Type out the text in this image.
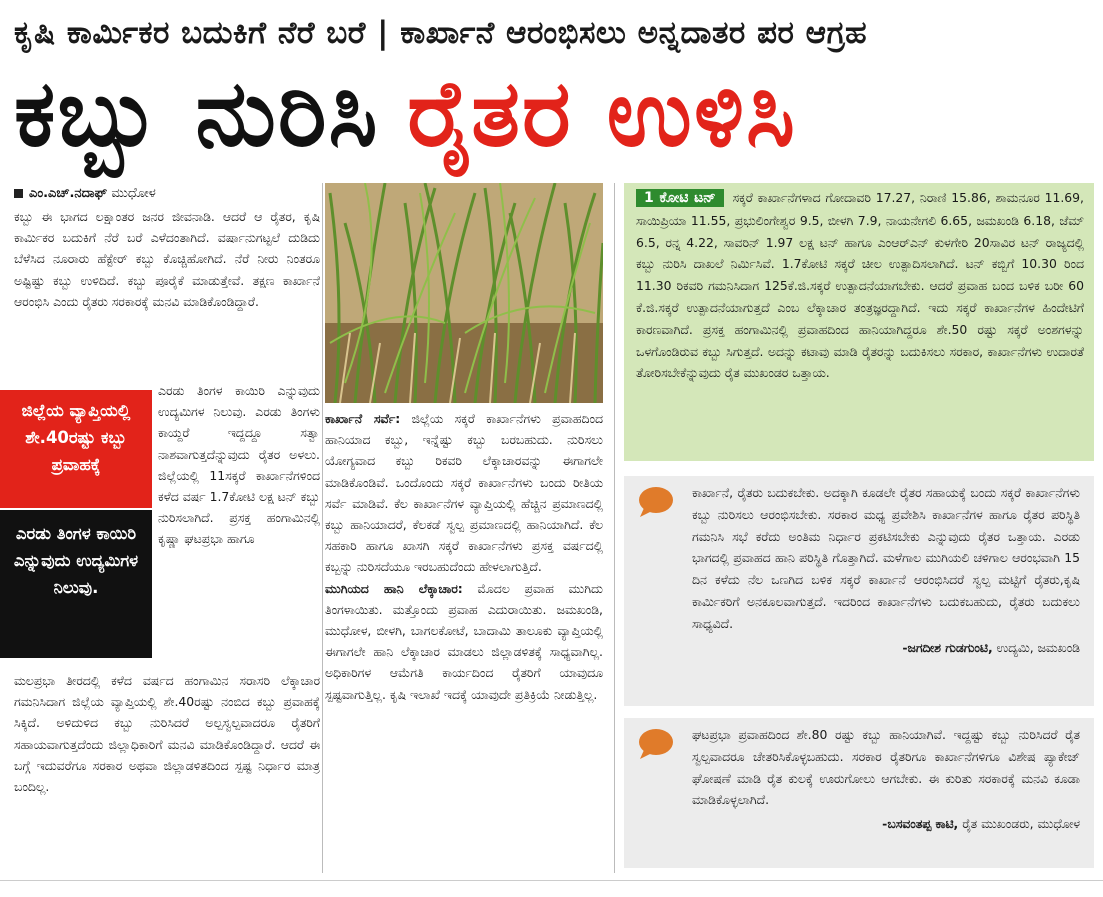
ಕೃಷಿ ಕಾರ್ಮಿಕರ ಬದುಕಿಗೆ ನೆರೆ ಬರೆ | ಕಾರ್ಖಾನೆ ಆರಂಭಿಸಲು ಅನ್ನದಾತರ ಪರ ಆಗ್ರಹ
ಕಬ್ಬು ನುರಿಸಿ ರೈತರ ಉಳಿಸಿ
ಎಂ.ಎಚ್.ನದಾಫ್ ಮುಧೋಳ
ಕಬ್ಬು ಈ ಭಾಗದ ಲಕ್ಷಾಂತರ ಜನರ ಜೀವನಾಡಿ. ಆದರೆ ಆ ರೈತರ, ಕೃಷಿ ಕಾರ್ಮಿಕರ ಬದುಕಿಗೆ ನೆರೆ ಬರೆ ಎಳೆದಂತಾಗಿದೆ. ವರ್ಷಾನುಗಟ್ಟಲೆ ದುಡಿದು ಬೆಳೆಸಿದ ನೂರಾರು ಹೆಕ್ಟೇರ್ ಕಬ್ಬು ಕೊಚ್ಚಿಹೋಗಿದೆ. ನೆರೆ ನೀರು ನಿಂತರೂ ಅಷ್ಟಿಷ್ಟು ಕಬ್ಬು ಉಳಿದಿದೆ. ಕಬ್ಬು ಪೂರೈಕೆ ಮಾಡುತ್ತೇವೆ. ತಕ್ಷಣ ಕಾರ್ಖಾನೆ ಆರಂಭಿಸಿ ಎಂದು ರೈತರು ಸರಕಾರಕ್ಕೆ ಮನವಿ ಮಾಡಿಕೊಂಡಿದ್ದಾರೆ.
ಜಿಲ್ಲೆಯ ವ್ಯಾಪ್ತಿಯಲ್ಲಿ ಶೇ.40ರಷ್ಟು ಕಬ್ಬು ಪ್ರವಾಹಕ್ಕೆ
ಎರಡು ತಿಂಗಳ ಕಾಯಿರಿ ಎನ್ನುವುದು ಉದ್ಯಮಿಗಳ ನಿಲುವು.
ಎರಡು ತಿಂಗಳ ಕಾಯಿರಿ ಎನ್ನುವುದು ಉದ್ಯಮಿಗಳ ನಿಲುವು. ಎರಡು ತಿಂಗಳು ಕಾಯ್ದರೆ ಇದ್ದದ್ದೂ ಸತ್ವಾ ನಾಶವಾಗುತ್ತದೆನ್ನುವುದು ರೈತರ ಅಳಲು. ಜಿಲ್ಲೆಯಲ್ಲಿ 11ಸಕ್ಕರೆ ಕಾರ್ಖಾನೆಗಳಿಂದ ಕಳೆದ ವರ್ಷ 1.7ಕೋಟಿ ಲಕ್ಷ ಟನ್ ಕಬ್ಬು ನುರಿಸಲಾಗಿದೆ. ಪ್ರಸಕ್ತ ಹಂಗಾಮಿನಲ್ಲಿ ಕೃಷ್ಣಾ ಘಟಪ್ರಭಾ ಹಾಗೂ
ಮಲಪ್ರಭಾ ತೀರದಲ್ಲಿ ಕಳೆದ ವರ್ಷದ ಹಂಗಾಮಿನ ಸರಾಸರಿ ಲೆಕ್ಕಾಚಾರ ಗಮನಿಸಿದಾಗ ಜಿಲ್ಲೆಯ ವ್ಯಾಪ್ತಿಯಲ್ಲಿ ಶೇ.40ರಷ್ಟು ನಂಬಿದ ಕಬ್ಬು ಪ್ರವಾಹಕ್ಕೆ ಸಿಕ್ಕಿದೆ. ಅಳಿದುಳಿದ ಕಬ್ಬು ನುರಿಸಿದರೆ ಅಲ್ಪಸ್ವಲ್ಪವಾದರೂ ರೈತರಿಗೆ ಸಹಾಯವಾಗುತ್ತದೆಂದು ಜಿಲ್ಲಾಧಿಕಾರಿಗೆ ಮನವಿ ಮಾಡಿಕೊಂಡಿದ್ದಾರೆ. ಆದರೆ ಈ ಬಗ್ಗೆ ಇದುವರೆಗೂ ಸರಕಾರ ಅಥವಾ ಜಿಲ್ಲಾಡಳಿತದಿಂದ ಸ್ಪಷ್ಟ ನಿರ್ಧಾರ ಮಾತ್ರ ಬಂದಿಲ್ಲ.
ಕಾರ್ಖಾನೆ ಸರ್ವೆ: ಜಿಲ್ಲೆಯ ಸಕ್ಕರೆ ಕಾರ್ಖಾನೆಗಳು ಪ್ರವಾಹದಿಂದ ಹಾನಿಯಾದ ಕಬ್ಬು, ಇನ್ನೆಷ್ಟು ಕಬ್ಬು ಬರಬಹುದು. ನುರಿಸಲು ಯೋಗ್ಯವಾದ ಕಬ್ಬು ರಿಕವರಿ ಲೆಕ್ಕಾಚಾರವನ್ನು ಈಗಾಗಲೇ ಮಾಡಿಕೊಂಡಿವೆ. ಒಂದೊಂದು ಸಕ್ಕರೆ ಕಾರ್ಖಾನೆಗಳು ಬಂದು ರೀತಿಯ ಸರ್ವೆ ಮಾಡಿವೆ. ಕೆಲ ಕಾರ್ಖಾನೆಗಳ ವ್ಯಾಪ್ತಿಯಲ್ಲಿ ಹೆಚ್ಚಿನ ಪ್ರಮಾಣದಲ್ಲಿ ಕಬ್ಬು ಹಾನಿಯಾದರೆ, ಕೆಲಕಡೆ ಸ್ವಲ್ಪ ಪ್ರಮಾಣದಲ್ಲಿ ಹಾನಿಯಾಗಿದೆ. ಕೆಲ ಸಹಕಾರಿ ಹಾಗೂ ಖಾಸಗಿ ಸಕ್ಕರೆ ಕಾರ್ಖಾನೆಗಳು ಪ್ರಸಕ್ತ ವರ್ಷದಲ್ಲಿ ಕಬ್ಬನ್ನು ನುರಿಸದೆಯೂ ಇರಬಹುದೆಂದು ಹೇಳಲಾಗುತ್ತಿದೆ.
ಮುಗಿಯದ ಹಾನಿ ಲೆಕ್ಕಾಚಾರ: ಮೊದಲ ಪ್ರವಾಹ ಮುಗಿದು ತಿಂಗಳಾಯಿತು. ಮತ್ತೊಂದು ಪ್ರವಾಹ ಎದುರಾಯಿತು. ಜಮಖಂಡಿ, ಮುಧೋಳ, ಬೀಳಗಿ, ಬಾಗಲಕೋಟೆ, ಬಾದಾಮಿ ತಾಲೂಕು ವ್ಯಾಪ್ತಿಯಲ್ಲಿ ಈಗಾಗಲೇ ಹಾನಿ ಲೆಕ್ಕಾಚಾರ ಮಾಡಲು ಜಿಲ್ಲಾಡಳಿತಕ್ಕೆ ಸಾಧ್ಯವಾಗಿಲ್ಲ. ಅಧಿಕಾರಿಗಳ ಆಮೆಗತಿ ಕಾರ್ಯದಿಂದ ರೈತರಿಗೆ ಯಾವುದೂ ಸ್ಪಷ್ಟವಾಗುತ್ತಿಲ್ಲ. ಕೃಷಿ ಇಲಾಖೆ ಇದಕ್ಕೆ ಯಾವುದೇ ಪ್ರತಿಕ್ರಿಯೆ ನೀಡುತ್ತಿಲ್ಲ.
1 ಕೋಟಿ ಟನ್ ಸಕ್ಕರೆ ಕಾರ್ಖಾನೆಗಳಾದ ಗೋದಾವರಿ 17.27, ನಿರಾಣಿ 15.86, ಶಾಮನೂರ 11.69, ಸಾಯಿಪ್ರಿಯಾ 11.55, ಪ್ರಭುಲಿಂಗೇಶ್ವರ 9.5, ಬೀಳಗಿ 7.9, ನಾಯನೇಗಲಿ 6.65, ಜಮಖಂಡಿ 6.18, ಜೆಮ್ 6.5, ರನ್ನ 4.22, ಸಾವರಿನ್ 1.97 ಲಕ್ಷ ಟನ್ ಹಾಗೂ ಎಂಆರ್‌ಎನ್ ಕುಳಗೇರಿ 20ಸಾವಿರ ಟನ್ ರಾಜ್ಯದಲ್ಲಿ ಕಬ್ಬು ನುರಿಸಿ ದಾಖಲೆ ನಿರ್ಮಿಸಿವೆ. 1.7ಕೋಟಿ ಸಕ್ಕರೆ ಚೀಲ ಉತ್ಪಾದಿಸಲಾಗಿದೆ. ಟನ್ ಕಬ್ಬಿಗೆ 10.30 ರಿಂದ 11.30 ರಿಕವರಿ ಗಮನಿಸಿದಾಗ 125ಕೆ.ಜಿ.ಸಕ್ಕರೆ ಉತ್ಪಾದನೆಯಾಗಬೇಕು. ಆದರೆ ಪ್ರವಾಹ ಬಂದ ಬಳಿಕ ಬರೀ 60 ಕೆ.ಜಿ.ಸಕ್ಕರೆ ಉತ್ಪಾದನೆಯಾಗುತ್ತದೆ ಎಂಬ ಲೆಕ್ಕಾಚಾರ ತಂತ್ರಜ್ಞರದ್ದಾಗಿದೆ. ಇದು ಸಕ್ಕರೆ ಕಾರ್ಖಾನೆಗಳ ಹಿಂದೇಟಿಗೆ ಕಾರಣವಾಗಿದೆ. ಪ್ರಸಕ್ತ ಹಂಗಾಮಿನಲ್ಲಿ ಪ್ರವಾಹದಿಂದ ಹಾನಿಯಾಗಿದ್ದರೂ ಶೇ.50 ರಷ್ಟು ಸಕ್ಕರೆ ಅಂಶಗಳನ್ನು ಒಳಗೊಂಡಿರುವ ಕಬ್ಬು ಸಿಗುತ್ತದೆ. ಅದನ್ನು ಕಟಾವು ಮಾಡಿ ರೈತರನ್ನು ಬದುಕಿಸಲು ಸರಕಾರ, ಕಾರ್ಖಾನೆಗಳು ಉದಾರತೆ ತೋರಿಸಬೇಕೆನ್ನುವುದು ರೈತ ಮುಖಂಡರ ಒತ್ತಾಯ.
ಕಾರ್ಖಾನೆ, ರೈತರು ಬದುಕಬೇಕು. ಅದಕ್ಕಾಗಿ ಕೂಡಲೇ ರೈತರ ಸಹಾಯಕ್ಕೆ ಬಂದು ಸಕ್ಕರೆ ಕಾರ್ಖಾನೆಗಳು ಕಬ್ಬು ನುರಿಸಲು ಆರಂಭಿಸಬೇಕು. ಸರಕಾರ ಮಧ್ಯ ಪ್ರವೇಶಿಸಿ ಕಾರ್ಖಾನೆಗಳ ಹಾಗೂ ರೈತರ ಪರಿಸ್ಥಿತಿ ಗಮನಿಸಿ ಸಭೆ ಕರೆದು ಅಂತಿಮ ನಿರ್ಧಾರ ಪ್ರಕಟಿಸಬೇಕು ಎನ್ನುವುದು ರೈತರ ಒತ್ತಾಯ. ಎರಡು ಭಾಗದಲ್ಲಿ ಪ್ರವಾಹದ ಹಾನಿ ಪರಿಸ್ಥಿತಿ ಗೊತ್ತಾಗಿದೆ. ಮಳೆಗಾಲ ಮುಗಿಯಲಿ ಚಳಿಗಾಲ ಆರಂಭವಾಗಿ 15 ದಿನ ಕಳೆದು ನೆಲ ಒಣಗಿದ ಬಳಿಕ ಸಕ್ಕರೆ ಕಾರ್ಖಾನೆ ಆರಂಭಿಸಿದರೆ ಸ್ವಲ್ಪ ಮಟ್ಟಿಗೆ ರೈತರು,ಕೃಷಿ ಕಾರ್ಮಿಕರಿಗೆ ಅನಕೂಲವಾಗುತ್ತದೆ. ಇದರಿಂದ ಕಾರ್ಖಾನೆಗಳು ಬದುಕಬಹುದು, ರೈತರು ಬದುಕಲು ಸಾಧ್ಯವಿದೆ.
-ಜಗದೀಶ ಗುಡಗುಂಟಿ, ಉದ್ಯಮಿ, ಜಮಖಂಡಿ
ಘಟಪ್ರಭಾ ಪ್ರವಾಹದಿಂದ ಶೇ.80 ರಷ್ಟು ಕಬ್ಬು ಹಾನಿಯಾಗಿವೆ. ಇದ್ದಷ್ಟು ಕಬ್ಬು ನುರಿಸಿದರೆ ರೈತ ಸ್ವಲ್ಪವಾದರೂ ಚೇತರಿಸಿಕೊಳ್ಳಬಹುದು. ಸರಕಾರ ರೈತರಿಗೂ ಕಾರ್ಖಾನೆಗಳಿಗೂ ವಿಶೇಷ ಪ್ಯಾಕೇಜ್ ಘೋಷಣೆ ಮಾಡಿ ರೈತ ಕುಲಕ್ಕೆ ಊರುಗೋಲು ಆಗಬೇಕು. ಈ ಕುರಿತು ಸರಕಾರಕ್ಕೆ ಮನವಿ ಕೂಡಾ ಮಾಡಿಕೊಳ್ಳಲಾಗಿದೆ.
-ಬಸವಂತಪ್ಪ ಕಾಟಿ, ರೈತ ಮುಖಂಡರು, ಮುಧೋಳ
